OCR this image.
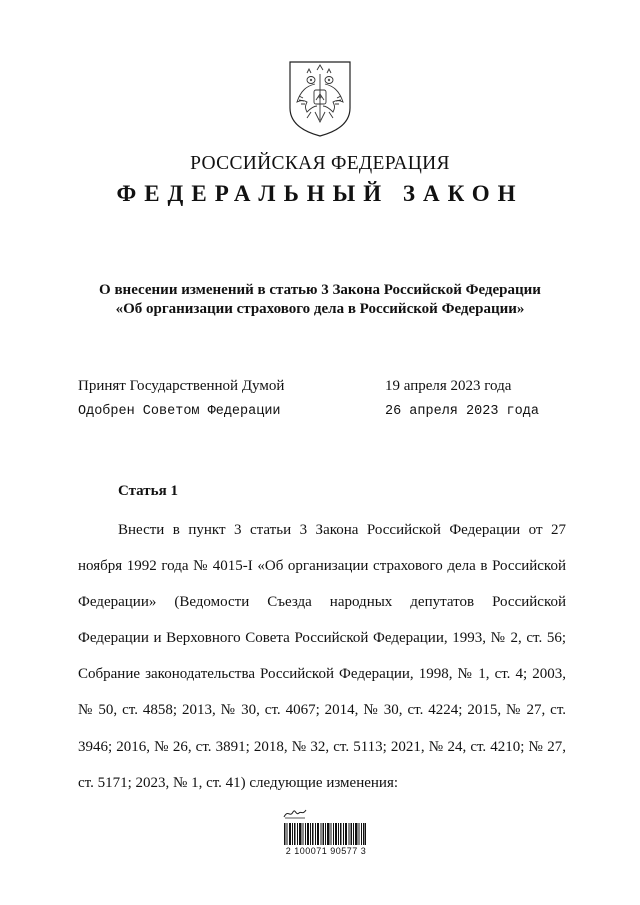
РОССИЙСКАЯ ФЕДЕРАЦИЯ
ФЕДЕРАЛЬНЫЙ ЗАКОН
О внесении изменений в статью 3 Закона Российской Федерации
«Об организации страхового дела в Российской Федерации»
Принят Государственной Думой	19 апреля 2023 года
Одобрен Советом Федерации	26 апреля 2023 года
Статья 1

Внести в пункт 3 статьи 3 Закона Российской Федерации от 27 ноября 1992 года № 4015-I «Об организации страхового дела в Российской Федерации» (Ведомости Съезда народных депутатов Российской Федерации и Верховного Совета Российской Федерации, 1993, № 2, ст. 56; Собрание законодательства Российской Федерации, 1998, № 1, ст. 4; 2003, № 50, ст. 4858; 2013, № 30, ст. 4067; 2014, № 30, ст. 4224; 2015, № 27, ст. 3946; 2016, № 26, ст. 3891; 2018, № 32, ст. 5113; 2021, № 24, ст. 4210; № 27, ст. 5171; 2023, № 1, ст. 41) следующие изменения:

2 100071 90577 3
